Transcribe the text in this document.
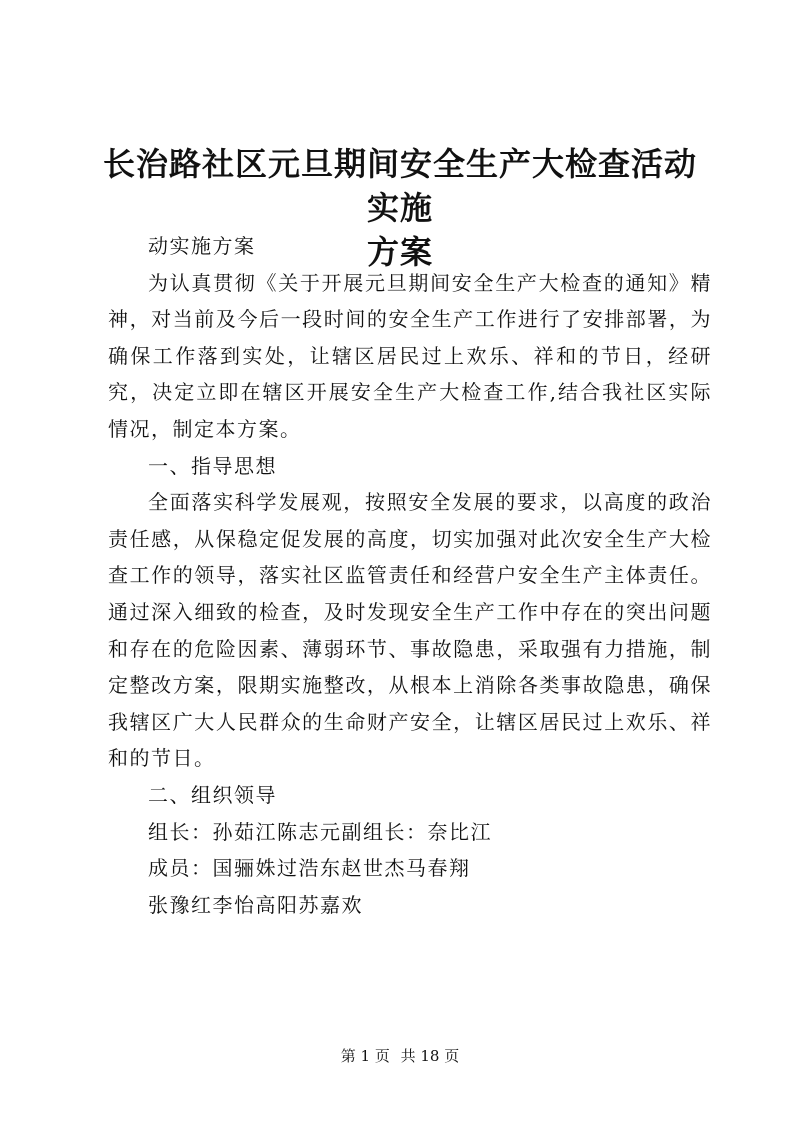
长治路社区元旦期间安全生产大检查活动实施
方案

动实施方案

为认真贯彻《关于开展元旦期间安全生产大检查的通知》精神，对当前及今后一段时间的安全生产工作进行了安排部署，为确保工作落到实处，让辖区居民过上欢乐、祥和的节日，经研究，决定立即在辖区开展安全生产大检查工作,结合我社区实际情况，制定本方案。

一、指导思想

全面落实科学发展观，按照安全发展的要求，以高度的政治责任感，从保稳定促发展的高度，切实加强对此次安全生产大检查工作的领导，落实社区监管责任和经营户安全生产主体责任。通过深入细致的检查，及时发现安全生产工作中存在的突出问题和存在的危险因素、薄弱环节、事故隐患，采取强有力措施，制定整改方案，限期实施整改，从根本上消除各类事故隐患，确保我辖区广大人民群众的生命财产安全，让辖区居民过上欢乐、祥和的节日。

二、组织领导

组长：孙茹江陈志元副组长：奈比江

成员：国骊姝过浩东赵世杰马春翔

张豫红李怡高阳苏嘉欢

第 1 页 共 18 页
